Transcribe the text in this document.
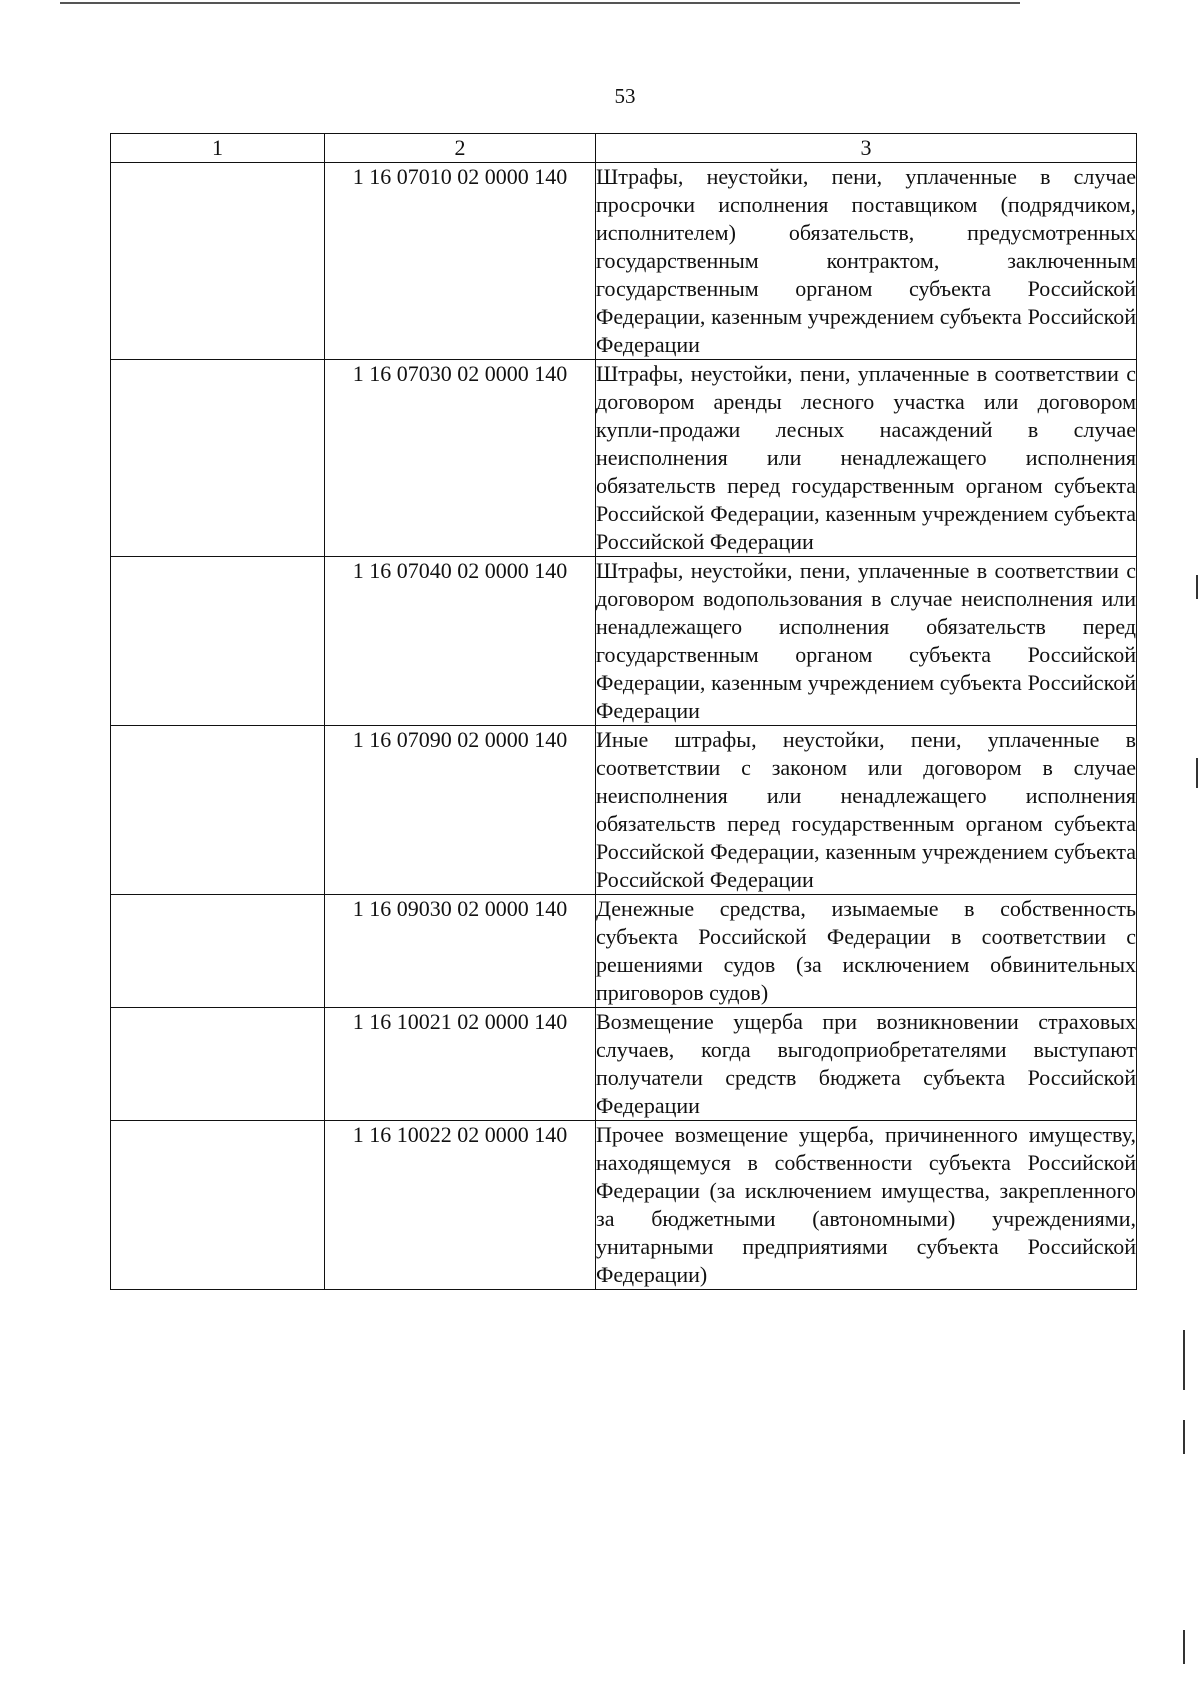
53
1	2	3
	1 16 07010 02 0000 140	Штрафы, неустойки, пени, уплаченные в случае просрочки исполнения поставщиком (подрядчиком, исполнителем) обязательств, предусмотренных государственным контрактом, заключенным государственным органом субъекта Российской Федерации, казенным учреждением субъекта Российской Федерации
	1 16 07030 02 0000 140	Штрафы, неустойки, пени, уплаченные в соответствии с договором аренды лесного участка или договором купли-продажи лесных насаждений в случае неисполнения или ненадлежащего исполнения обязательств перед государственным органом субъекта Российской Федерации, казенным учреждением субъекта Российской Федерации
	1 16 07040 02 0000 140	Штрафы, неустойки, пени, уплаченные в соответствии с договором водопользования в случае неисполнения или ненадлежащего исполнения обязательств перед государственным органом субъекта Российской Федерации, казенным учреждением субъекта Российской Федерации
	1 16 07090 02 0000 140	Иные штрафы, неустойки, пени, уплаченные в соответствии с законом или договором в случае неисполнения или ненадлежащего исполнения обязательств перед государственным органом субъекта Российской Федерации, казенным учреждением субъекта Российской Федерации
	1 16 09030 02 0000 140	Денежные средства, изымаемые в собственность субъекта Российской Федерации в соответствии с решениями судов (за исключением обвинительных приговоров судов)
	1 16 10021 02 0000 140	Возмещение ущерба при возникновении страховых случаев, когда выгодоприобретателями выступают получатели средств бюджета субъекта Российской Федерации
	1 16 10022 02 0000 140	Прочее возмещение ущерба, причиненного имуществу, находящемуся в собственности субъекта Российской Федерации (за исключением имущества, закрепленного за бюджетными (автономными) учреждениями, унитарными предприятиями субъекта Российской Федерации)
